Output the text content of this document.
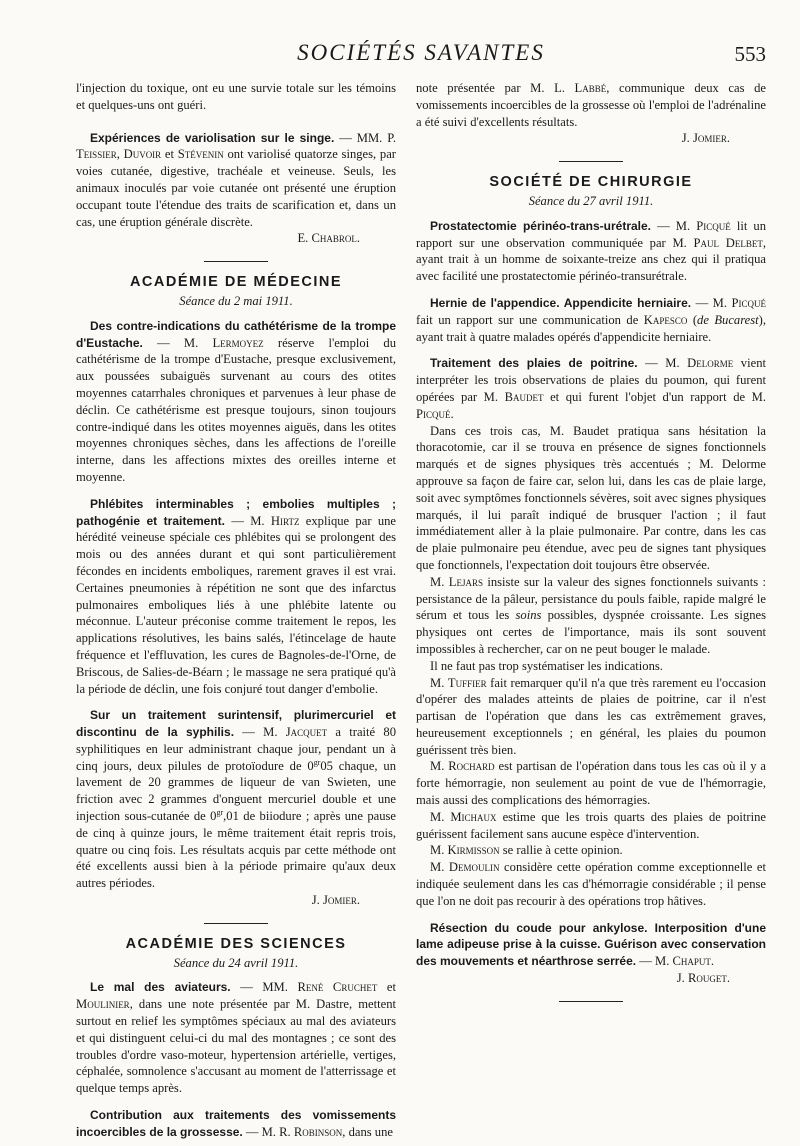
SOCIÉTÉS SAVANTES	553

l'injection du toxique, ont eu une survie totale sur les témoins et quelques-uns ont guéri.

Expériences de variolisation sur le singe. — MM. P. Teissier, Duvoir et Stévenin ont variolisé quatorze singes, par voies cutanée, digestive, trachéale et veineuse. Seuls, les animaux inoculés par voie cutanée ont présenté une éruption occupant toute l'étendue des traits de scarification et, dans un cas, une éruption générale discrète.

E. Chabrol.

ACADÉMIE DE MÉDECINE
Séance du 2 mai 1911.

Des contre-indications du cathétérisme de la trompe d'Eustache. — M. Lermoyez réserve l'emploi du cathétérisme de la trompe d'Eustache, presque exclusivement, aux poussées subaiguës survenant au cours des otites moyennes catarrhales chroniques et parvenues à leur phase de déclin. Ce cathétérisme est presque toujours, sinon toujours contre-indiqué dans les otites moyennes aiguës, dans les otites moyennes chroniques sèches, dans les affections de l'oreille interne, dans les affections mixtes des oreilles interne et moyenne.

Phlébites interminables ; embolies multiples ; pathogénie et traitement. — M. Hirtz explique par une hérédité veineuse spéciale ces phlébites qui se prolongent des mois ou des années durant et qui sont particulièrement fécondes en incidents emboliques, rarement graves il est vrai. Certaines pneumonies à répétition ne sont que des infarctus pulmonaires emboliques liés à une phlébite latente ou méconnue. L'auteur préconise comme traitement le repos, les applications résolutives, les bains salés, l'étincelage de haute fréquence et l'effluvation, les cures de Bagnoles-de-l'Orne, de Briscous, de Salies-de-Béarn ; le massage ne sera pratiqué qu'à la période de déclin, une fois conjuré tout danger d'embolie.

Sur un traitement surintensif, plurimercuriel et discontinu de la syphilis. — M. Jacquet a traité 80 syphilitiques en leur administrant chaque jour, pendant un à cinq jours, deux pilules de protoïodure de $0^{gr}05$ chaque, un lavement de 20 grammes de liqueur de van Swieten, une friction avec 2 grammes d'onguent mercuriel double et une injection sous-cutanée de $0^{gr},01$ de biiodure ; après une pause de cinq à quinze jours, le même traitement était repris trois, quatre ou cinq fois. Les résultats acquis par cette méthode ont été excellents aussi bien à la période primaire qu'aux deux autres périodes.

J. Jomier.

ACADÉMIE DES SCIENCES
Séance du 24 avril 1911.

Le mal des aviateurs. — MM. René Cruchet et Moulinier, dans une note présentée par M. Dastre, mettent surtout en relief les symptômes spéciaux au mal des aviateurs et qui distinguent celui-ci du mal des montagnes ; ce sont des troubles d'ordre vaso-moteur, hypertension artérielle, vertiges, céphalée, somnolence s'accusant au moment de l'atterrissage et quelque temps après.

Contribution aux traitements des vomissements incoercibles de la grossesse. — M. R. Robinson, dans une

note présentée par M. L. Labbé, communique deux cas de vomissements incoercibles de la grossesse où l'emploi de l'adrénaline a été suivi d'excellents résultats.

J. Jomier.

SOCIÉTÉ DE CHIRURGIE
Séance du 27 avril 1911.

Prostatectomie périnéo-trans-urétrale. — M. Picqué lit un rapport sur une observation communiquée par M. Paul Delbet, ayant trait à un homme de soixante-treize ans chez qui il pratiqua avec facilité une prostatectomie périnéo-transurétrale.

Hernie de l'appendice. Appendicite herniaire. — M. Picqué fait un rapport sur une communication de Kapesco (de Bucarest), ayant trait à quatre malades opérés d'appendicite herniaire.

Traitement des plaies de poitrine. — M. Delorme vient interpréter les trois observations de plaies du poumon, qui furent opérées par M. Baudet et qui furent l'objet d'un rapport de M. Picqué.

Dans ces trois cas, M. Baudet pratiqua sans hésitation la thoracotomie, car il se trouva en présence de signes fonctionnels marqués et de signes physiques très accentués ; M. Delorme approuve sa façon de faire car, selon lui, dans les cas de plaie large, soit avec symptômes fonctionnels sévères, soit avec signes physiques marqués, il lui paraît indiqué de brusquer l'action ; il faut immédiatement aller à la plaie pulmonaire. Par contre, dans les cas de plaie pulmonaire peu étendue, avec peu de signes tant physiques que fonctionnels, l'expectation doit toujours être observée.

M. Lejars insiste sur la valeur des signes fonctionnels suivants : persistance de la pâleur, persistance du pouls faible, rapide malgré le sérum et tous les soins possibles, dyspnée croissante. Les signes physiques ont certes de l'importance, mais ils sont souvent impossibles à rechercher, car on ne peut bouger le malade.

Il ne faut pas trop systématiser les indications.

M. Tuffier fait remarquer qu'il n'a que très rarement eu l'occasion d'opérer des malades atteints de plaies de poitrine, car il n'est partisan de l'opération que dans les cas extrêmement graves, heureusement exceptionnels ; en général, les plaies du poumon guérissent très bien.

M. Rochard est partisan de l'opération dans tous les cas où il y a forte hémorragie, non seulement au point de vue de l'hémorragie, mais aussi des complications des hémorragies.

M. Michaux estime que les trois quarts des plaies de poitrine guérissent facilement sans aucune espèce d'intervention.

M. Kirmisson se rallie à cette opinion.

M. Demoulin considère cette opération comme exceptionnelle et indiquée seulement dans les cas d'hémorragie considérable ; il pense que l'on ne doit pas recourir à des opérations trop hâtives.

Résection du coude pour ankylose. Interposition d'une lame adipeuse prise à la cuisse. Guérison avec conservation des mouvements et néarthrose serrée. — M. Chaput.

J. Rouget.
